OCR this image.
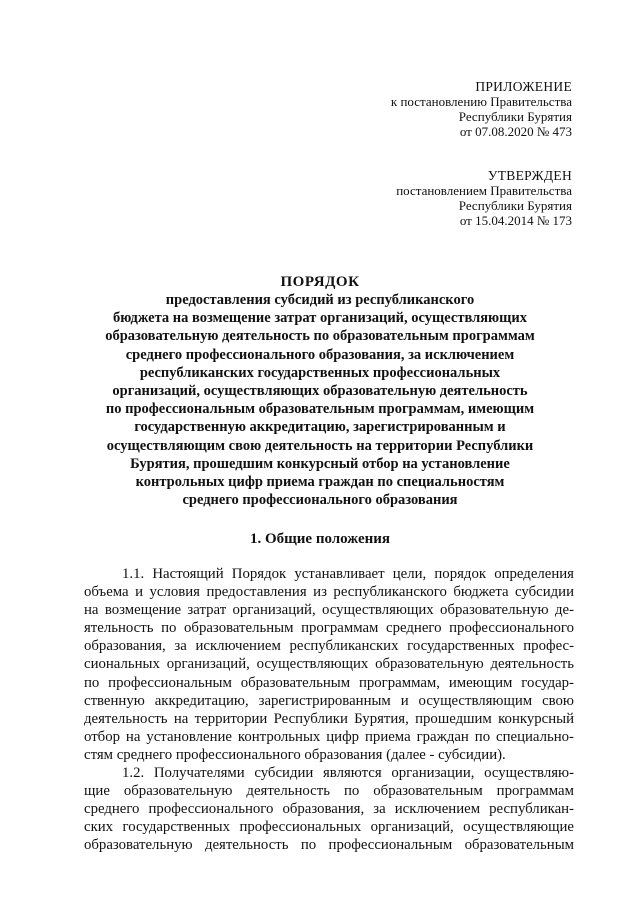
ПРИЛОЖЕНИЕ
к постановлению Правительства
Республики Бурятия
от 07.08.2020 № 473
УТВЕРЖДЕН
постановлением Правительства
Республики Бурятия
от 15.04.2014 № 173
ПОРЯДОК
предоставления субсидий из республиканского
бюджета на возмещение затрат организаций, осуществляющих
образовательную деятельность по образовательным программам
среднего профессионального образования, за исключением
республиканских государственных профессиональных
организаций, осуществляющих образовательную деятельность
по профессиональным образовательным программам, имеющим
государственную аккредитацию, зарегистрированным и
осуществляющим свою деятельность на территории Республики
Бурятия, прошедшим конкурсный отбор на установление
контрольных цифр приема граждан по специальностям
среднего профессионального образования
1. Общие положения
1.1. Настоящий Порядок устанавливает цели, порядок определения
объема и условия предоставления из республиканского бюджета субсидии
на возмещение затрат организаций, осуществляющих образовательную де-
ятельность по образовательным программам среднего профессионального
образования, за исключением республиканских государственных профес-
сиональных организаций, осуществляющих образовательную деятельность
по профессиональным образовательным программам, имеющим государ-
ственную аккредитацию, зарегистрированным и осуществляющим свою
деятельность на территории Республики Бурятия, прошедшим конкурсный
отбор на установление контрольных цифр приема граждан по специально-
стям среднего профессионального образования (далее - субсидии).
1.2. Получателями субсидии являются организации, осуществляю-
щие образовательную деятельность по образовательным программам
среднего профессионального образования, за исключением республикан-
ских государственных профессиональных организаций, осуществляющие
образовательную деятельность по профессиональным образовательным
